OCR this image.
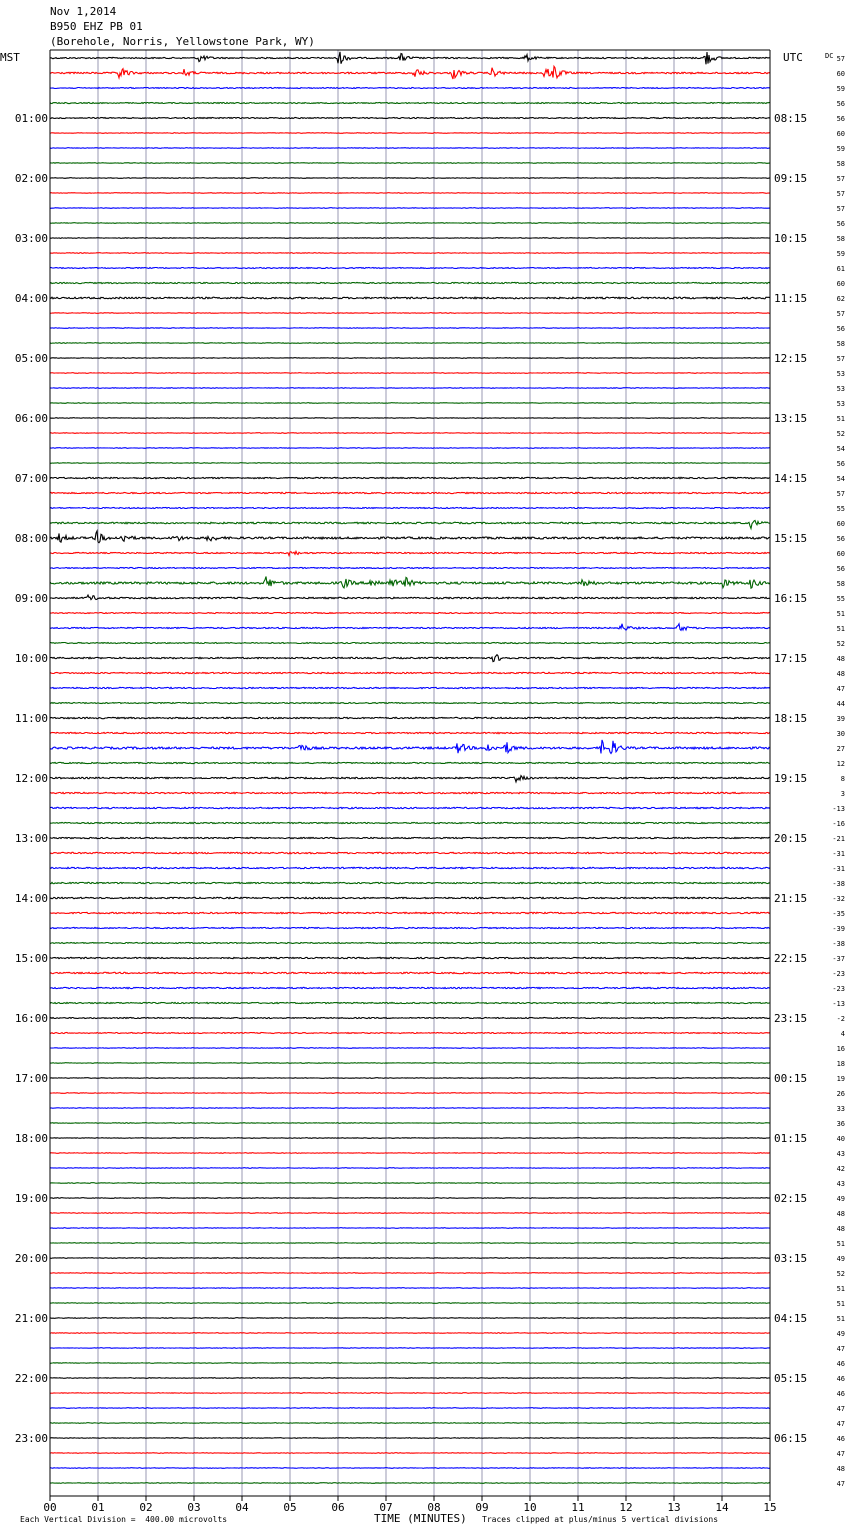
Nov 1,2014
B950 EHZ PB 01
(Borehole, Norris, Yellowstone Park, WY)
MST	UTC	DC
01:00	08:15
02:00	09:15
03:00	10:15
04:00	11:15
05:00	12:15
06:00	13:15
07:00	14:15
08:00	15:15
09:00	16:15
10:00	17:15
11:00	18:15
12:00	19:15
13:00	20:15
14:00	21:15
15:00	22:15
16:00	23:15
17:00	00:15
18:00	01:15
19:00	02:15
20:00	03:15
21:00	04:15
22:00	05:15
23:00	06:15
57
60
59
56
56
60
59
58
57
57
57
56
58
59
61
60
62
57
56
58
57
53
53
53
51
52
54
56
54
57
55
60
56
60
56
58
55
51
51
52
48
48
47
44
39
30
27
12
8
3
-13
-16
-21
-31
-31
-38
-32
-35
-39
-38
-37
-23
-23
-13
-2
4
16
18
19
26
33
36
40
43
42
43
49
48
48
51
49
52
51
51
51
49
47
46
46
46
47
47
46
47
48
47
00	01	02	03	04	05	06	07	08	09	10	11	12	13	14	15
Each Vertical Division =  400.00 microvolts	TIME (MINUTES) Traces clipped at plus/minus 5 vertical divisions
